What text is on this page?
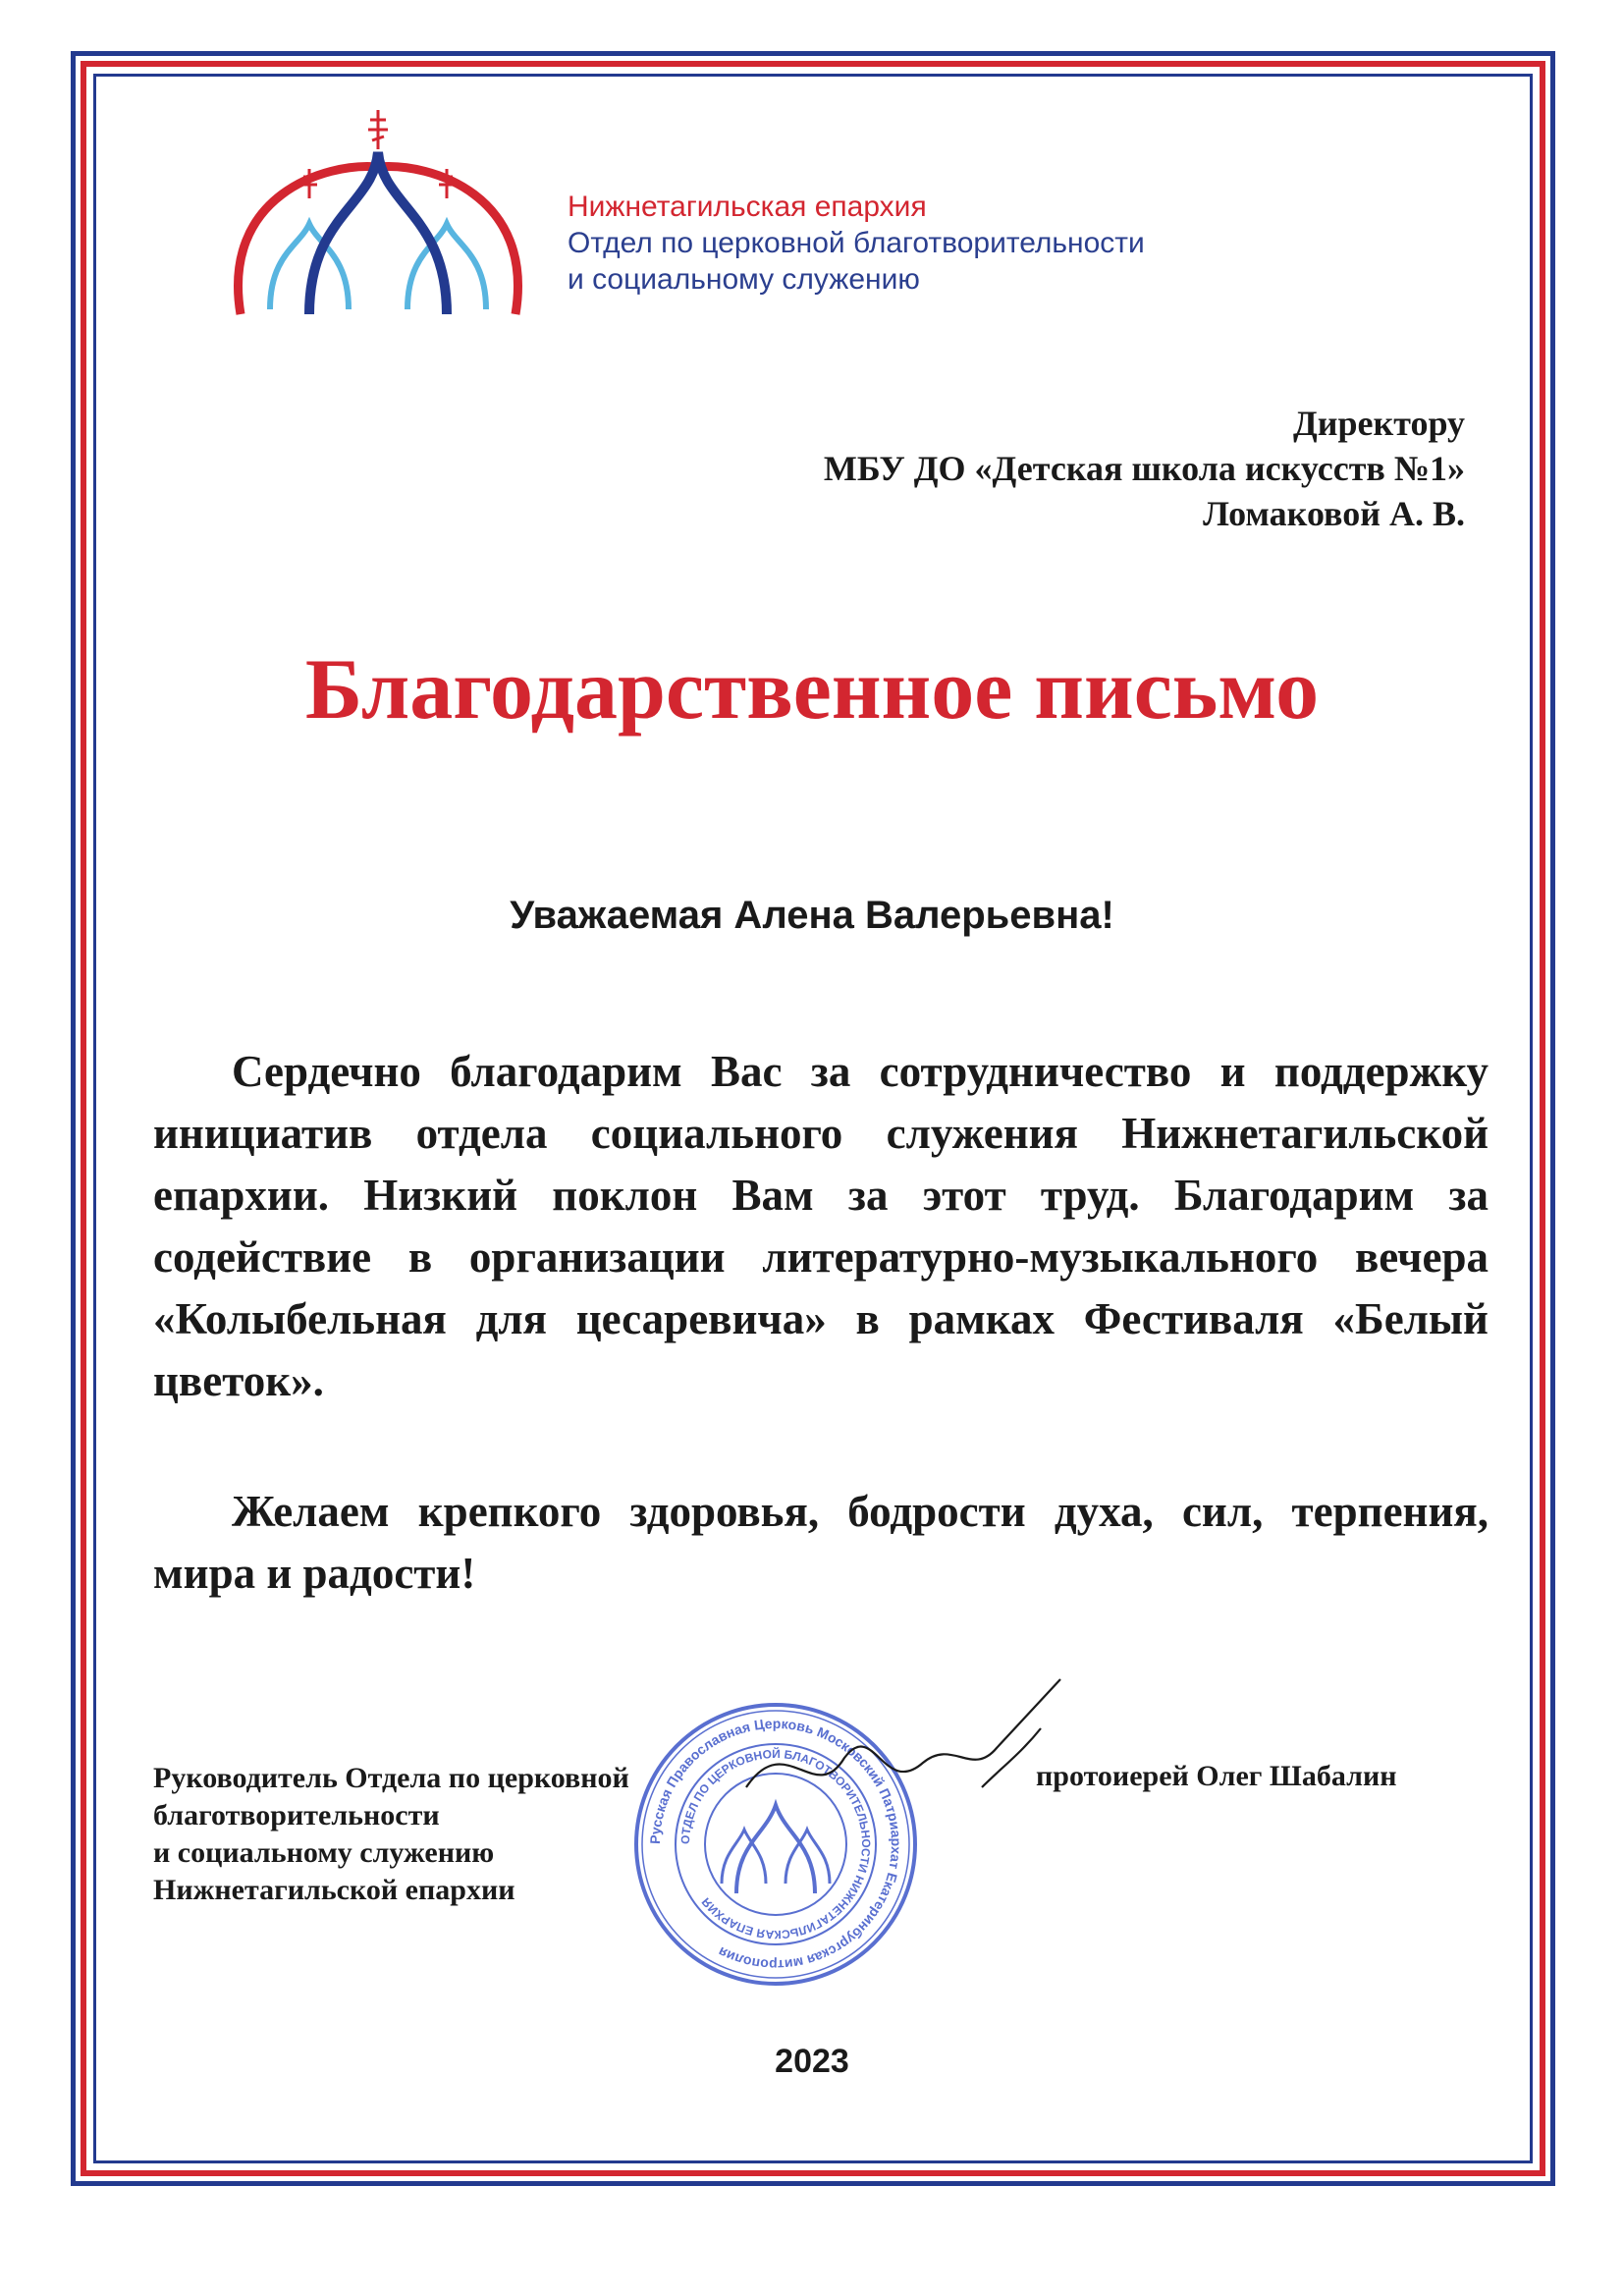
Нижнетагильская епархия
Отдел по церковной благотворительности
и социальному служению
Директору
МБУ ДО «Детская школа искусств №1»
Ломаковой А. В.
Благодарственное письмо
Уважаемая Алена Валерьевна!

Сердечно благодарим Вас за сотрудничество и поддержку инициатив отдела социального служения Нижнетагильской епархии. Низкий поклон Вам за этот труд. Благодарим за содействие в организации литературно-музыкального вечера «Колыбельная для цесаревича» в рамках Фестиваля «Белый цветок».

Желаем крепкого здоровья, бодрости духа, сил, терпения, мира и радости!

Руководитель Отдела по церковной
благотворительности
и социальному служению
Нижнетагильской епархии
Русская Православная Церковь Московский Патриархат Екатеринбургская митрополия
ОТДЕЛ ПО ЦЕРКОВНОЙ БЛАГОТВОРИТЕЛЬНОСТИ НИЖНЕТАГИЛЬСКАЯ ЕПАРХИЯ
протоиерей Олег Шабалин
2023
